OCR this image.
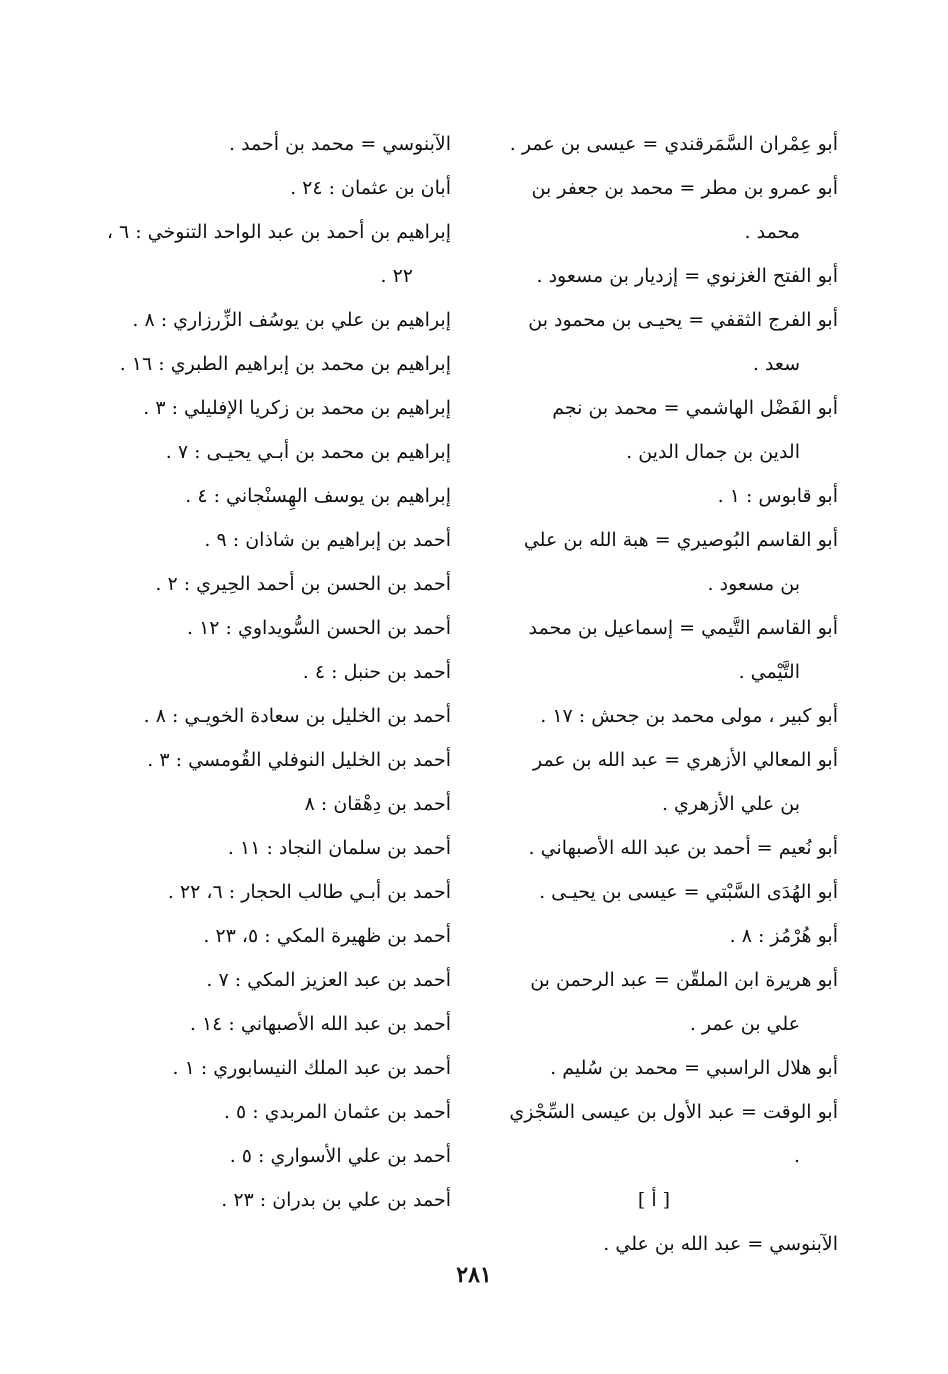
أبو عِمْران السَّمَرقندي = عيسى بن عمر .

أبو عمرو بن مطر = محمد بن جعفر بن محمد .

أبو الفتح الغزنوي = إزديار بن مسعود .

أبو الفرج الثقفي = يحيـى بن محمود بن سعد .

أبو الفَضْل الهاشمي = محمد بن نجم الدين بن جمال الدين .

أبو قابوس : ١ .

أبو القاسم البُوصيري = هبة الله بن علي بن مسعود .

أبو القاسم التَّيمي = إسماعيل بن محمد التَّيْمي .

أبو كبير ، مولى محمد بن جحش : ١٧ .

أبو المعالي الأزهري = عبد الله بن عمر بن علي الأزهري .

أبو نُعيم = أحمد بن عبد الله الأصبهاني .

أبو الهُدَى السَّبْتي = عيسى بن يحيـى .

أبو هُرْمُز : ٨ .

أبو هريرة ابن الملقّن = عبد الرحمن بن علي بن عمر .

أبو هلال الراسبي = محمد بن سُليم .

أبو الوقت = عبد الأول بن عيسى السِّجْزي .

[ أ ]

الآبنوسي = عبد الله بن علي .

الآبنوسي = محمد بن أحمد .

أبان بن عثمان : ٢٤ .

إبراهيم بن أحمد بن عبد الواحد التنوخي : ٦ ، ٢٢ .

إبراهيم بن علي بن يوسُف الزِّرزاري : ٨ .

إبراهيم بن محمد بن إبراهيم الطبري : ١٦ .

إبراهيم بن محمد بن زكريا الإفليلي : ٣ .

إبراهيم بن محمد بن أبـي يحيـى : ٧ .

إبراهيم بن يوسف الهِسنْجاني : ٤ .

أحمد بن إبراهيم بن شاذان : ٩ .

أحمد بن الحسن بن أحمد الحِيري : ٢ .

أحمد بن الحسن السُّويداوي : ١٢ .

أحمد بن حنبل : ٤ .

أحمد بن الخليل بن سعادة الخويـي : ٨ .

أحمد بن الخليل النوفلي القُومسي : ٣ .

أحمد بن دِهْقان : ٨

أحمد بن سلمان النجاد : ١١ .

أحمد بن أبـي طالب الحجار : ٦، ٢٢ .

أحمد بن ظهيرة المكي : ٥، ٢٣ .

أحمد بن عبد العزيز المكي : ٧ .

أحمد بن عبد الله الأصبهاني : ١٤ .

أحمد بن عبد الملك النيسابوري : ١ .

أحمد بن عثمان المربدي : ٥ .

أحمد بن علي الأسواري : ٥ .

أحمد بن علي بن بدران : ٢٣ .

٢٨١
